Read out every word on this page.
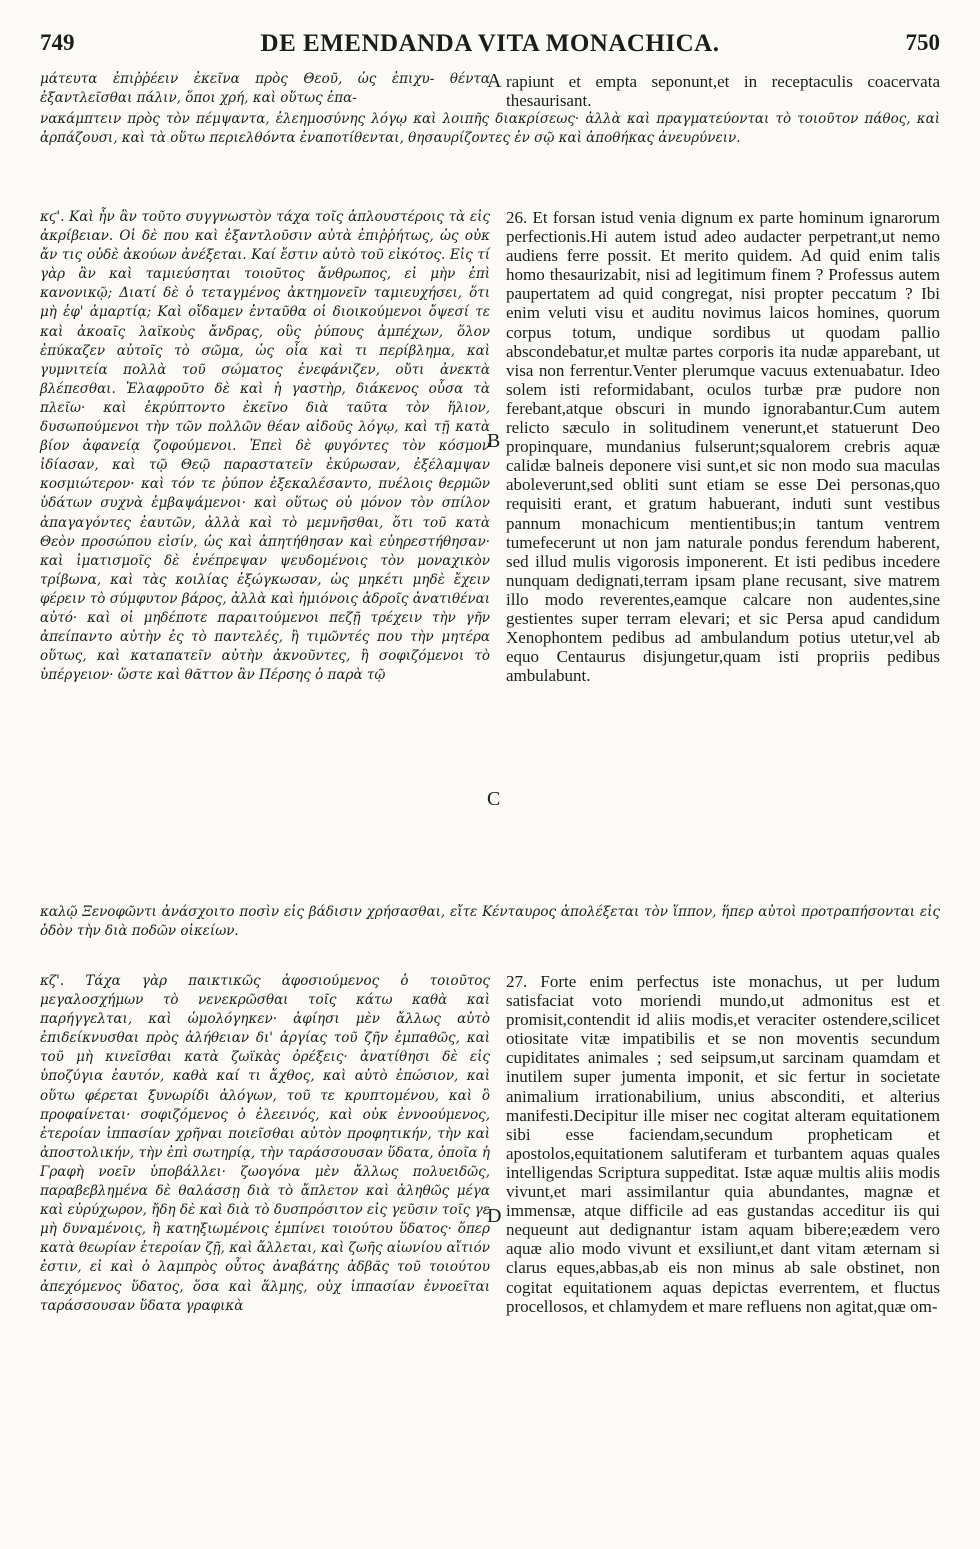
749	DE EMENDANDA VITA MONACHICA.	750

μάτευτα ἐπιῤῥέειν ἐκεῖνα πρὸς Θεοῦ, ὡς ἐπιχυ- θέντα ἐξαντλεῖσθαι πάλιν, ὅποι χρή, καὶ οὕτως ἐπα-

rapiunt et empta seponunt,et in receptaculis coacervata thesaurisant.

νακάμπτειν πρὸς τὸν πέμψαντα, ἐλεημοσύνης λόγῳ καὶ λοιπῆς διακρίσεως· ἀλλὰ καὶ πραγματεύονται τὸ τοιοῦτον πάθος, καὶ ἁρπάζουσι, καὶ τὰ οὕτω περιελθόντα ἐναποτίθενται, θησαυρίζοντες ἐν σῷ καὶ ἀποθήκας ἀνευρύνειν.

κϛ'. Καὶ ἦν ἂν τοῦτο συγγνωστὸν τάχα τοῖς ἁπλουστέροις τὰ εἰς ἀκρίβειαν. Οἱ δὲ που καὶ ἐξαντλοῦσιν αὐτὰ ἐπιῤῥήτως, ὡς οὐκ ἄν τις οὐδὲ ἀκούων ἀνέξεται. Καί ἔστιν αὐτὸ τοῦ εἰκότος. Εἰς τί γὰρ ἂν καὶ ταμιεύσηται τοιοῦτος ἄνθρωπος, εἰ μὴν ἐπὶ κανονικῷ; Διατί δὲ ὁ τεταγμένος ἀκτημονεῖν ταμιευχήσει, ὅτι μὴ ἐφ' ἁμαρτίᾳ; Καὶ οἴδαμεν ἐνταῦθα οἱ διοικούμενοι ὄψεσί τε καὶ ἀκοαῖς λαϊκοὺς ἄνδρας, οὓς ῥύπους ἀμπέχων, ὅλον ἐπύκαζεν αὐτοῖς τὸ σῶμα, ὡς οἷα καὶ τι περίβλημα, καὶ γυμνιτεία πολλὰ τοῦ σώματος ἐνεφάνιζεν, οὔτι ἀνεκτὰ βλέπεσθαι. Ἐλαφροῦτο δὲ καὶ ἡ γαστὴρ, διάκενος οὖσα τὰ πλεῖω· καὶ ἐκρύπτοντο ἐκεῖνο διὰ ταῦτα τὸν ἥλιον, δυσωπούμενοι τὴν τῶν πολλῶν θέαν αἰδοῦς λόγῳ, καὶ τῇ κατὰ βίον ἀφανείᾳ ζοφούμενοι. Ἐπεὶ δὲ φυγόντες τὸν κόσμον ἰδίασαν, καὶ τῷ Θεῷ παραστατεῖν ἐκύρωσαν, ἐξέλαμψαν κοσμιώτερον· καὶ τόν τε ῥύπον ἐξεκαλέσαντο, πυέλοις θερμῶν ὑδάτων συχνὰ ἐμβαψάμενοι· καὶ οὕτως οὐ μόνον τὸν σπίλον ἀπαγαγόντες ἑαυτῶν, ἀλλὰ καὶ τὸ μεμνῆσθαι, ὅτι τοῦ κατὰ Θεὸν προσώπου εἰσίν, ὡς καὶ ἀπητήθησαν καὶ εὐηρεστήθησαν· καὶ ἱματισμοῖς δὲ ἐνέπρεψαν ψευδομένοις τὸν μοναχικὸν τρίβωνα, καὶ τὰς κοιλίας ἐξώγκωσαν, ὡς μηκέτι μηδὲ ἔχειν φέρειν τὸ σύμφυτον βάρος, ἀλλὰ καὶ ἡμιόνοις ἁδροῖς ἀνατιθέναι αὐτό· καὶ οἱ μηδέποτε παραιτούμενοι πεζῇ τρέχειν τὴν γῆν ἀπείπαντο αὐτὴν ἐς τὸ παντελές, ἢ τιμῶντές που τὴν μητέρα οὕτως, καὶ καταπατεῖν αὐτὴν ἀκνοῦντες, ἢ σοφιζόμενοι τὸ ὑπέργειον· ὥστε καὶ θᾶττον ἂν Πέρσης ὁ παρὰ τῷ

26. Et forsan istud venia dignum ex parte hominum ignarorum perfectionis.Hi autem istud adeo audacter perpetrant,ut nemo audiens ferre possit. Et merito quidem. Ad quid enim talis homo thesaurizabit, nisi ad legitimum finem ? Professus autem paupertatem ad quid congregat, nisi propter peccatum ? Ibi enim veluti visu et auditu novimus laicos homines, quorum corpus totum, undique sordibus ut quodam pallio abscondebatur,et multæ partes corporis ita nudæ apparebant, ut visa non ferrentur.Venter plerumque vacuus extenuabatur. Ideo solem isti reformidabant, oculos turbæ præ pudore non ferebant,atque obscuri in mundo ignorabantur.Cum autem relicto sæculo in solitudinem venerunt,et statuerunt Deo propinquare, mundanius fulserunt;squalorem crebris aquæ calidæ balneis deponere visi sunt,et sic non modo sua maculas aboleverunt,sed obliti sunt etiam se esse Dei personas,quo requisiti erant, et gratum habuerant, induti sunt vestibus pannum monachicum mentientibus;in tantum ventrem tumefecerunt ut non jam naturale pondus ferendum haberent, sed illud mulis vigorosis imponerent. Et isti pedibus incedere nunquam dedignati,terram ipsam plane recusant, sive matrem illo modo reverentes,eamque calcare non audentes,sine gestientes super terram elevari; et sic Persa apud candidum Xenophontem pedibus ad ambulandum potius utetur,vel ab equo Centaurus disjungetur,quam isti propriis pedibus ambulabunt.

καλῷ Ξενοφῶντι ἀνάσχοιτο ποσὶν εἰς βάδισιν χρήσασθαι, εἴτε Κένταυρος ἀπολέξεται τὸν ἵππον, ἥπερ αὐτοὶ προτραπήσονται εἰς ὁδὸν τὴν διὰ ποδῶν οἰκείων.

κζ'. Τάχα γὰρ παικτικῶς ἀφοσιούμενος ὁ τοιοῦτος μεγαλοσχήμων τὸ νενεκρῶσθαι τοῖς κάτω καθὰ καὶ παρήγγελται, καὶ ὡμολόγηκεν· ἀφίησι μὲν ἄλλως αὐτὸ ἐπιδείκνυσθαι πρὸς ἀλήθειαν δι' ἀργίας τοῦ ζῆν ἐμπαθῶς, καὶ τοῦ μὴ κινεῖσθαι κατὰ ζωϊκὰς ὀρέξεις· ἀνατίθησι δὲ εἰς ὑποζύγια ἑαυτόν, καθὰ καί τι ἄχθος, καὶ αὐτὸ ἐπώσιον, καὶ οὕτω φέρεται ξυνωρίδι ἀλόγων, τοῦ τε κρυπτομένου, καὶ ὃ προφαίνεται· σοφιζόμενος ὁ ἐλεεινός, καὶ οὐκ ἐννοούμενος, ἑτεροίαν ἱππασίαν χρῆναι ποιεῖσθαι αὐτὸν προφητικήν, τὴν καὶ ἀποστολικήν, τὴν ἐπὶ σωτηρίᾳ, τὴν ταράσσουσαν ὕδατα, ὁποῖα ἡ Γραφὴ νοεῖν ὑποβάλλει· ζωογόνα μὲν ἄλλως πολυειδῶς, παραβεβλημένα δὲ θαλάσσῃ διὰ τὸ ἄπλετον καὶ ἀληθῶς μέγα καὶ εὐρύχωρον, ἤδη δὲ καὶ διὰ τὸ δυσπρόσιτον εἰς γεῦσιν τοῖς γε μὴ δυναμένοις, ἢ κατηξιωμένοις ἐμπίνει τοιούτου ὕδατος· ὅπερ κατὰ θεωρίαν ἑτεροίαν ζῇ, καὶ ἄλλεται, καὶ ζωῆς αἰωνίου αἴτιόν ἐστιν, εἰ καὶ ὁ λαμπρὸς οὗτος ἀναβάτης ἀδβᾶς τοῦ τοιούτου ἀπεχόμενος ὕδατος, ὅσα καὶ ἅλμης, οὐχ ἱππασίαν ἐννοεῖται ταράσσουσαν ὕδατα γραφικὰ

27. Forte enim perfectus iste monachus, ut per ludum satisfaciat voto moriendi mundo,ut admonitus est et promisit,contendit id aliis modis,et veraciter ostendere,scilicet otiositate vitæ impatibilis et se non moventis secundum cupiditates animales ; sed seipsum,ut sarcinam quamdam et inutilem super jumenta imponit, et sic fertur in societate animalium irrationabilium, unius absconditi, et alterius manifesti.Decipitur ille miser nec cogitat alteram equitationem sibi esse faciendam,secundum propheticam et apostolos,equitationem salutiferam et turbantem aquas quales intelligendas Scriptura suppeditat. Istæ aquæ multis aliis modis vivunt,et mari assimilantur quia abundantes, magnæ et immensæ, atque difficile ad eas gustandas acceditur iis qui nequeunt aut dedignantur istam aquam bibere;eædem vero aquæ alio modo vivunt et exsiliunt,et dant vitam æternam si clarus eques,abbas,ab eis non minus ab sale obstinet, non cogitat equitationem aquas depictas everrentem, et fluctus procellosos, et chlamydem et mare refluens non agitat,quæ om-

A
B
C
D
